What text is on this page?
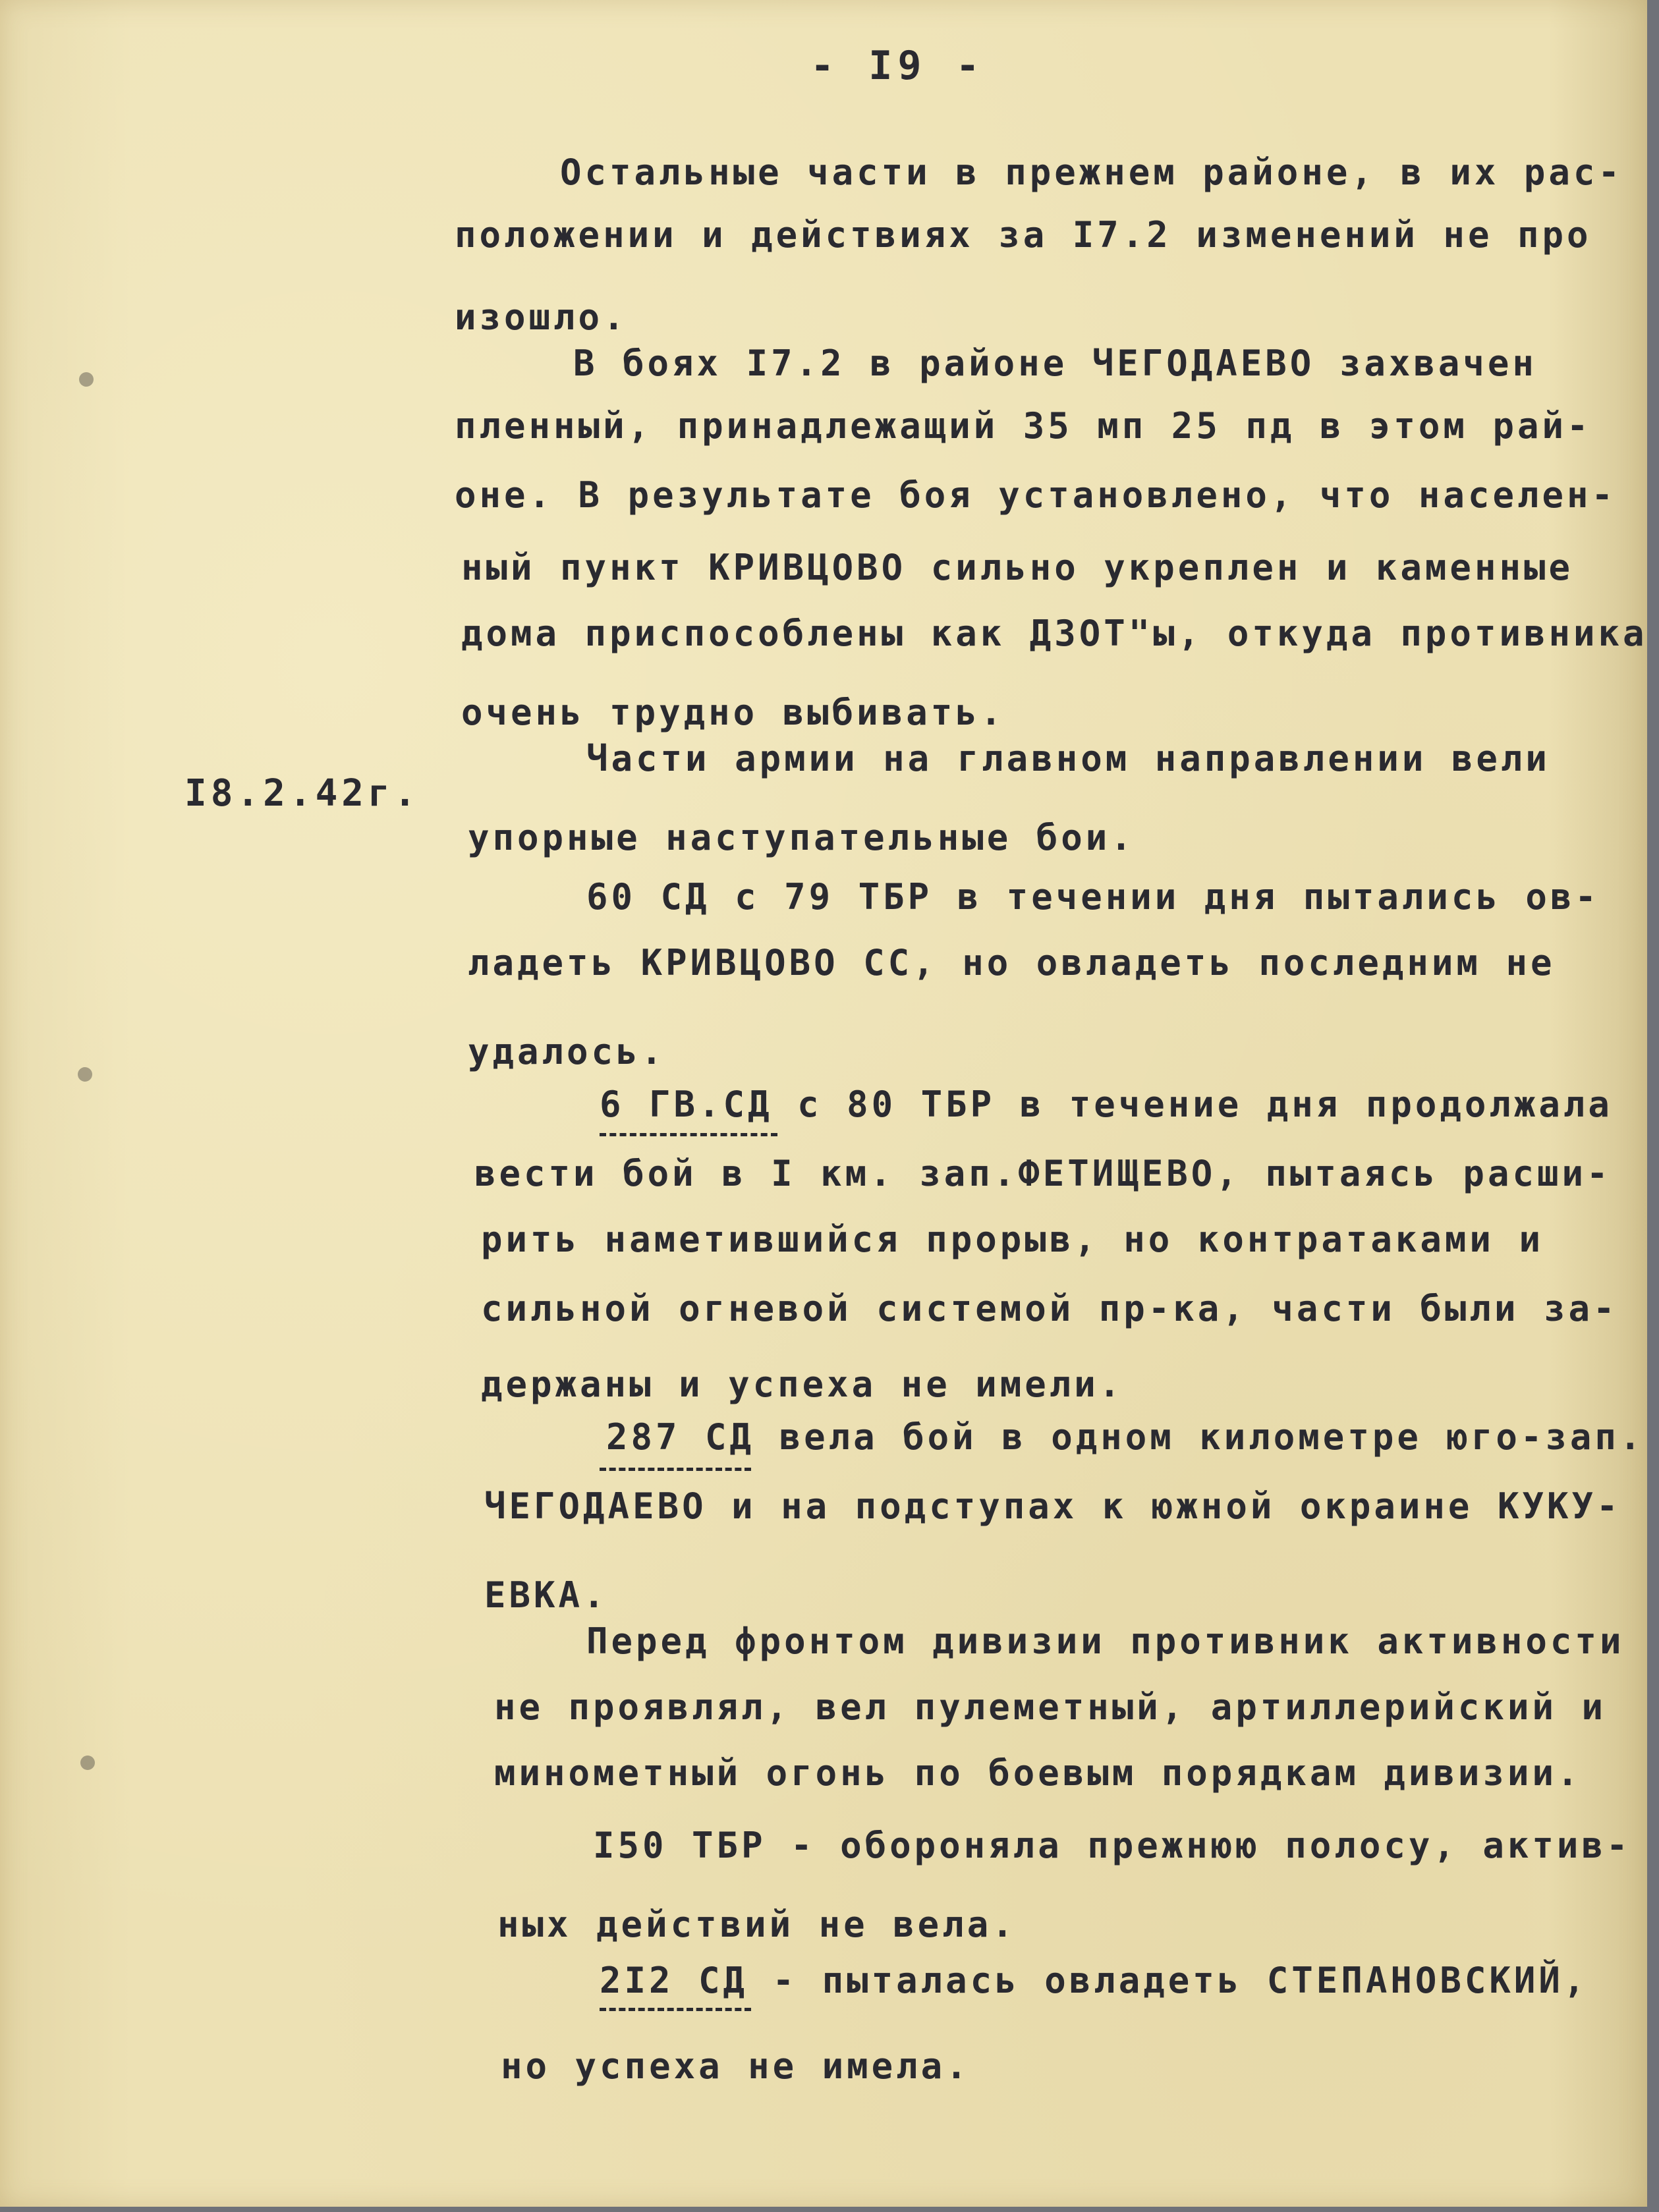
- I9 -
I8.2.42г.
Остальные части в прежнем районе, в их рас-
положении и действиях за I7.2 изменений не про
изошло.
В боях I7.2 в районе ЧЕГОДАЕВО захвачен
пленный, принадлежащий 35 мп 25 пд в этом рай-
оне. В результате боя установлено, что населен-
ный пункт КРИВЦОВО сильно укреплен и каменные
дома приспособлены как ДЗОТ"ы, откуда противника
очень трудно выбивать.
Части армии на главном направлении вели
упорные наступательные бои.
60 СД с 79 ТБР в течении дня пытались ов-
ладеть КРИВЦОВО СС, но овладеть последним не
удалось.
6 ГВ.СД с 80 ТБР в течение дня продолжала
вести бой в I км. зап.ФЕТИЩЕВО, пытаясь расши-
рить наметившийся прорыв, но контратаками и
сильной огневой системой пр-ка, части были за-
держаны и успеха не имели.
287 СД вела бой в одном километре юго-зап.
ЧЕГОДАЕВО и на подступах к южной окраине КУКУ-
ЕВКА.
Перед фронтом дивизии противник активности
не проявлял, вел пулеметный, артиллерийский и
минометный огонь по боевым порядкам дивизии.
I50 ТБР - обороняла прежнюю полосу, актив-
ных действий не вела.
2I2 СД - пыталась овладеть СТЕПАНОВСКИЙ,
но успеха не имела.
